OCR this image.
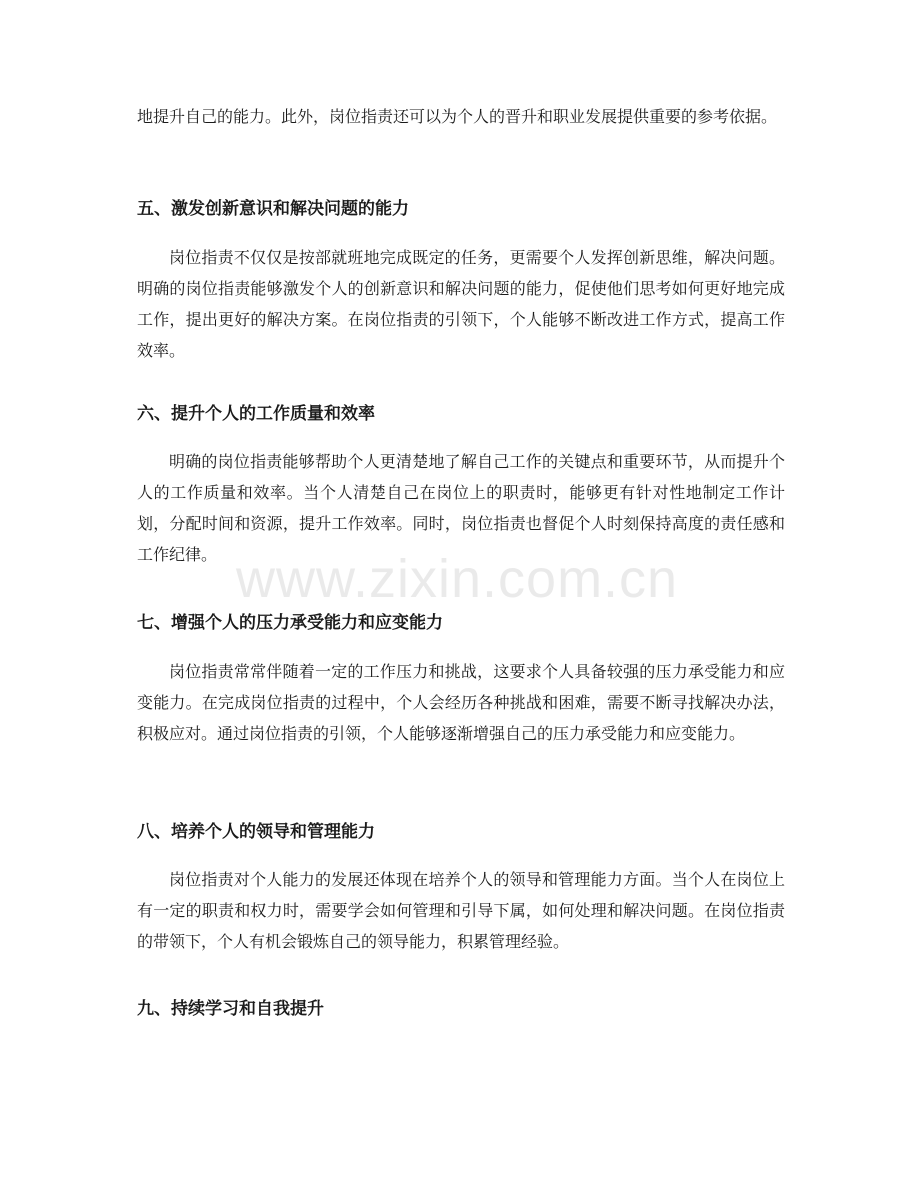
地提升自己的能力。此外，岗位指责还可以为个人的晋升和职业发展提供重要的参考依据。
五、激发创新意识和解决问题的能力
岗位指责不仅仅是按部就班地完成既定的任务，更需要个人发挥创新思维，解决问题。明确的岗位指责能够激发个人的创新意识和解决问题的能力，促使他们思考如何更好地完成工作，提出更好的解决方案。在岗位指责的引领下，个人能够不断改进工作方式，提高工作效率。
六、提升个人的工作质量和效率
明确的岗位指责能够帮助个人更清楚地了解自己工作的关键点和重要环节，从而提升个人的工作质量和效率。当个人清楚自己在岗位上的职责时，能够更有针对性地制定工作计划，分配时间和资源，提升工作效率。同时，岗位指责也督促个人时刻保持高度的责任感和工作纪律。
七、增强个人的压力承受能力和应变能力
岗位指责常常伴随着一定的工作压力和挑战，这要求个人具备较强的压力承受能力和应变能力。在完成岗位指责的过程中，个人会经历各种挑战和困难，需要不断寻找解决办法，积极应对。通过岗位指责的引领，个人能够逐渐增强自己的压力承受能力和应变能力。
八、培养个人的领导和管理能力
岗位指责对个人能力的发展还体现在培养个人的领导和管理能力方面。当个人在岗位上有一定的职责和权力时，需要学会如何管理和引导下属，如何处理和解决问题。在岗位指责的带领下，个人有机会锻炼自己的领导能力，积累管理经验。
九、持续学习和自我提升
www.zixin.com.cn
